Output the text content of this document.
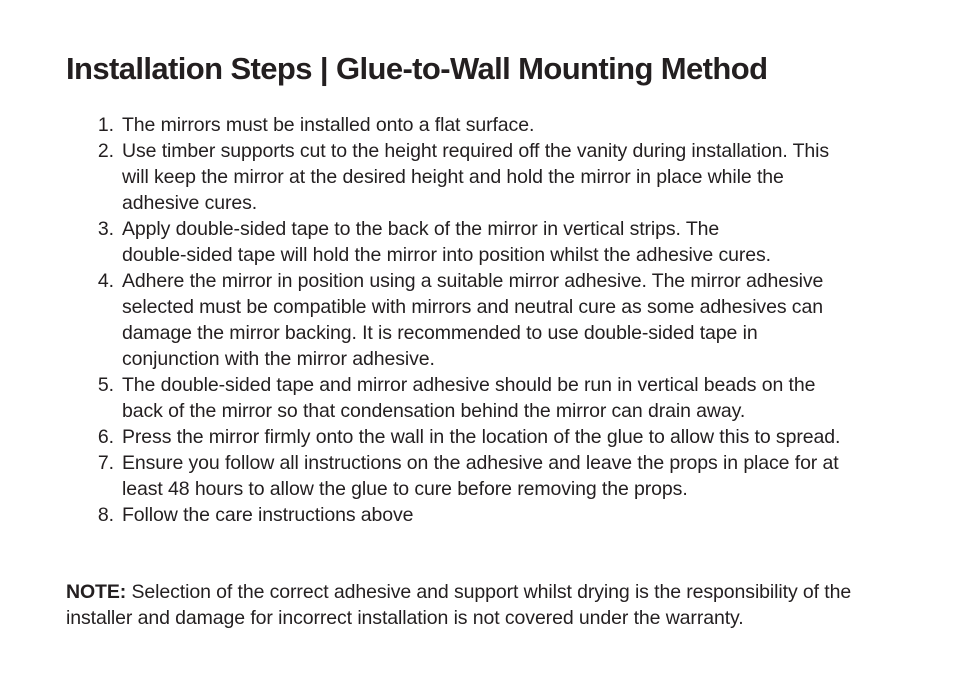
Installation Steps | Glue-to-Wall Mounting Method
1. The mirrors must be installed onto a flat surface.
2. Use timber supports cut to the height required off the vanity during installation. This
will keep the mirror at the desired height and hold the mirror in place while the
adhesive cures.
3. Apply double-sided tape to the back of the mirror in vertical strips. The
double-sided tape will hold the mirror into position whilst the adhesive cures.
4. Adhere the mirror in position using a suitable mirror adhesive. The mirror adhesive
selected must be compatible with mirrors and neutral cure as some adhesives can
damage the mirror backing. It is recommended to use double-sided tape in
conjunction with the mirror adhesive.
5. The double-sided tape and mirror adhesive should be run in vertical beads on the
back of the mirror so that condensation behind the mirror can drain away.
6. Press the mirror firmly onto the wall in the location of the glue to allow this to spread.
7. Ensure you follow all instructions on the adhesive and leave the props in place for at
least 48 hours to allow the glue to cure before removing the props.
8. Follow the care instructions above

NOTE: Selection of the correct adhesive and support whilst drying is the responsibility of the
installer and damage for incorrect installation is not covered under the warranty.
